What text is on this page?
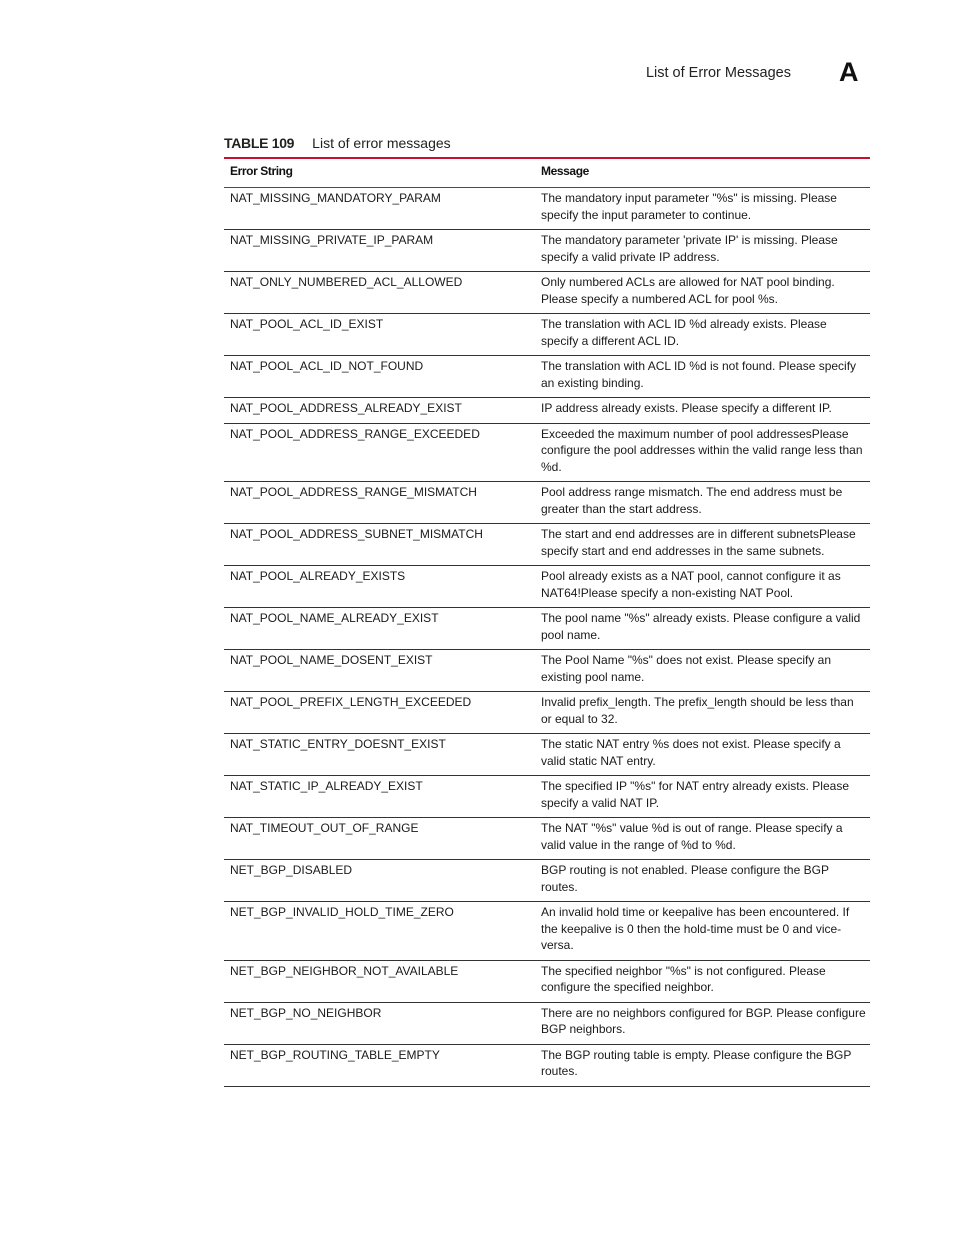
List of Error Messages A
TABLE 109 List of error messages
Error String	Message
NAT_MISSING_MANDATORY_PARAM	The mandatory input parameter "%s" is missing. Please specify the input parameter to continue.
NAT_MISSING_PRIVATE_IP_PARAM	The mandatory parameter 'private IP' is missing. Please specify a valid private IP address.
NAT_ONLY_NUMBERED_ACL_ALLOWED	Only numbered ACLs are allowed for NAT pool binding. Please specify a numbered ACL for pool %s.
NAT_POOL_ACL_ID_EXIST	The translation with ACL ID %d already exists. Please specify a different ACL ID.
NAT_POOL_ACL_ID_NOT_FOUND	The translation with ACL ID %d is not found. Please specify an existing binding.
NAT_POOL_ADDRESS_ALREADY_EXIST	IP address already exists. Please specify a different IP.
NAT_POOL_ADDRESS_RANGE_EXCEEDED	Exceeded the maximum number of pool addressesPlease configure the pool addresses within the valid range less than %d.
NAT_POOL_ADDRESS_RANGE_MISMATCH	Pool address range mismatch. The end address must be greater than the start address.
NAT_POOL_ADDRESS_SUBNET_MISMATCH	The start and end addresses are in different subnetsPlease specify start and end addresses in the same subnets.
NAT_POOL_ALREADY_EXISTS	Pool already exists as a NAT pool, cannot configure it as NAT64!Please specify a non-existing NAT Pool.
NAT_POOL_NAME_ALREADY_EXIST	The pool name "%s" already exists. Please configure a valid pool name.
NAT_POOL_NAME_DOSENT_EXIST	The Pool Name "%s" does not exist. Please specify an existing pool name.
NAT_POOL_PREFIX_LENGTH_EXCEEDED	Invalid prefix_length. The prefix_length should be less than or equal to 32.
NAT_STATIC_ENTRY_DOESNT_EXIST	The static NAT entry %s does not exist. Please specify a valid static NAT entry.
NAT_STATIC_IP_ALREADY_EXIST	The specified IP "%s" for NAT entry already exists. Please specify a valid NAT IP.
NAT_TIMEOUT_OUT_OF_RANGE	The NAT "%s" value %d is out of range. Please specify a valid value in the range of %d to %d.
NET_BGP_DISABLED	BGP routing is not enabled. Please configure the BGP routes.
NET_BGP_INVALID_HOLD_TIME_ZERO	An invalid hold time or keepalive has been encountered. If the keepalive is 0 then the hold-time must be 0 and vice-versa.
NET_BGP_NEIGHBOR_NOT_AVAILABLE	The specified neighbor "%s" is not configured. Please configure the specified neighbor.
NET_BGP_NO_NEIGHBOR	There are no neighbors configured for BGP. Please configure BGP neighbors.
NET_BGP_ROUTING_TABLE_EMPTY	The BGP routing table is empty. Please configure the BGP routes.
